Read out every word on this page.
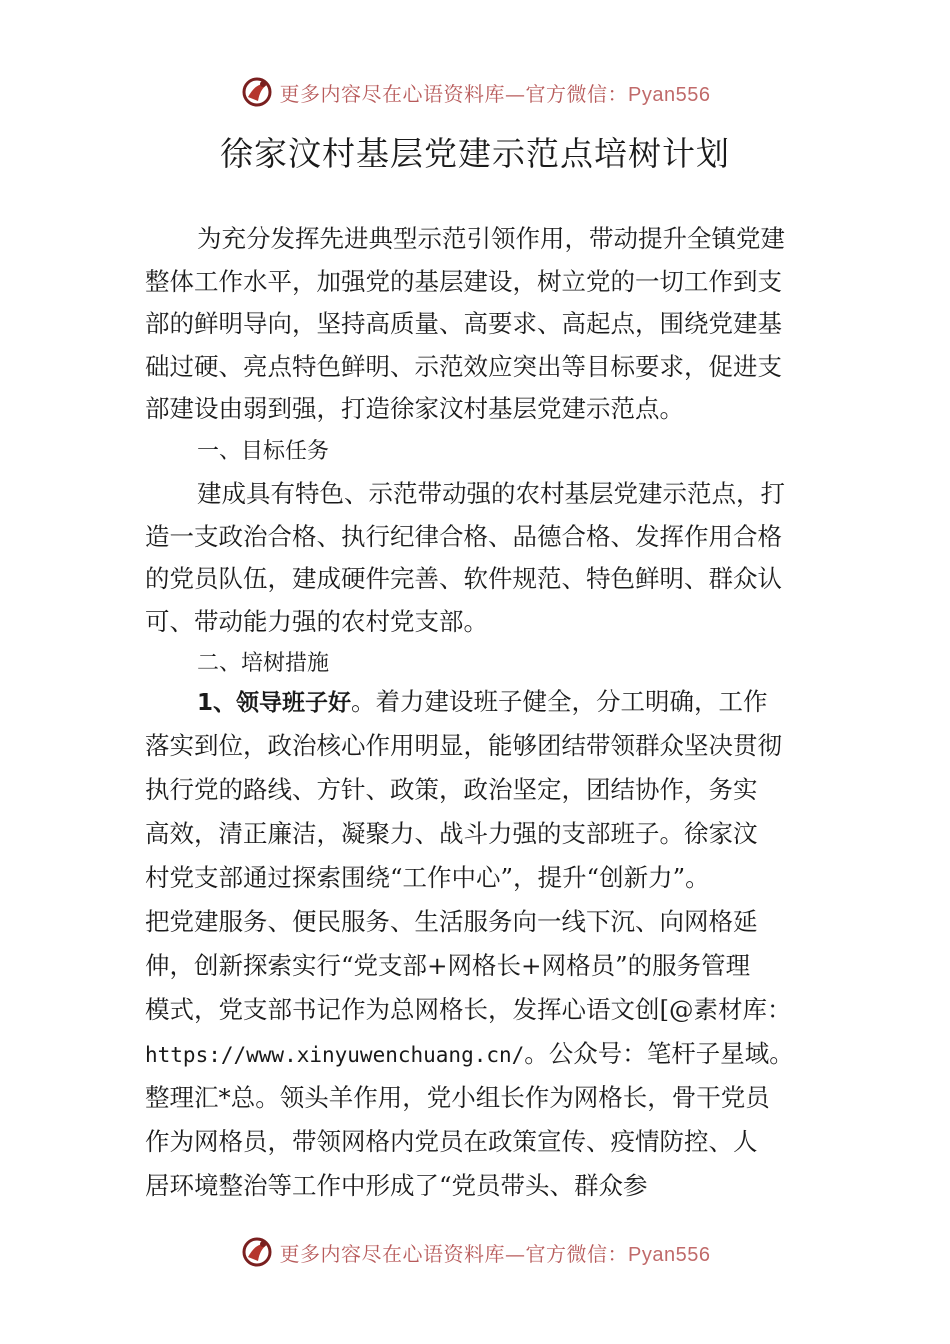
更多内容尽在心语资料库—官方微信：Pyan556
徐家汶村基层党建示范点培树计划
为充分发挥先进典型示范引领作用，带动提升全镇党建
整体工作水平，加强党的基层建设，树立党的一切工作到支
部的鲜明导向，坚持高质量、高要求、高起点，围绕党建基
础过硬、亮点特色鲜明、示范效应突出等目标要求，促进支
部建设由弱到强，打造徐家汶村基层党建示范点。
一、目标任务
建成具有特色、示范带动强的农村基层党建示范点，打
造一支政治合格、执行纪律合格、品德合格、发挥作用合格
的党员队伍，建成硬件完善、软件规范、特色鲜明、群众认
可、带动能力强的农村党支部。
二、培树措施
1、领导班子好。着力建设班子健全，分工明确，工作
落实到位，政治核心作用明显，能够团结带领群众坚决贯彻
执行党的路线、方针、政策，政治坚定，团结协作，务实
高效，清正廉洁，凝聚力、战斗力强的支部班子。徐家汶
村党支部通过探索围绕“工作中心”，提升“创新力”。
把党建服务、便民服务、生活服务向一线下沉、向网格延
伸，创新探索实行“党支部+网格长+网格员”的服务管理
模式，党支部书记作为总网格长，发挥心语文创[@素材库：
https://www.xinyuwenchuang.cn/。公众号：笔杆子星域。
整理汇*总。领头羊作用，党小组长作为网格长，骨干党员
作为网格员，带领网格内党员在政策宣传、疫情防控、人
居环境整治等工作中形成了“党员带头、群众参
更多内容尽在心语资料库—官方微信：Pyan556
